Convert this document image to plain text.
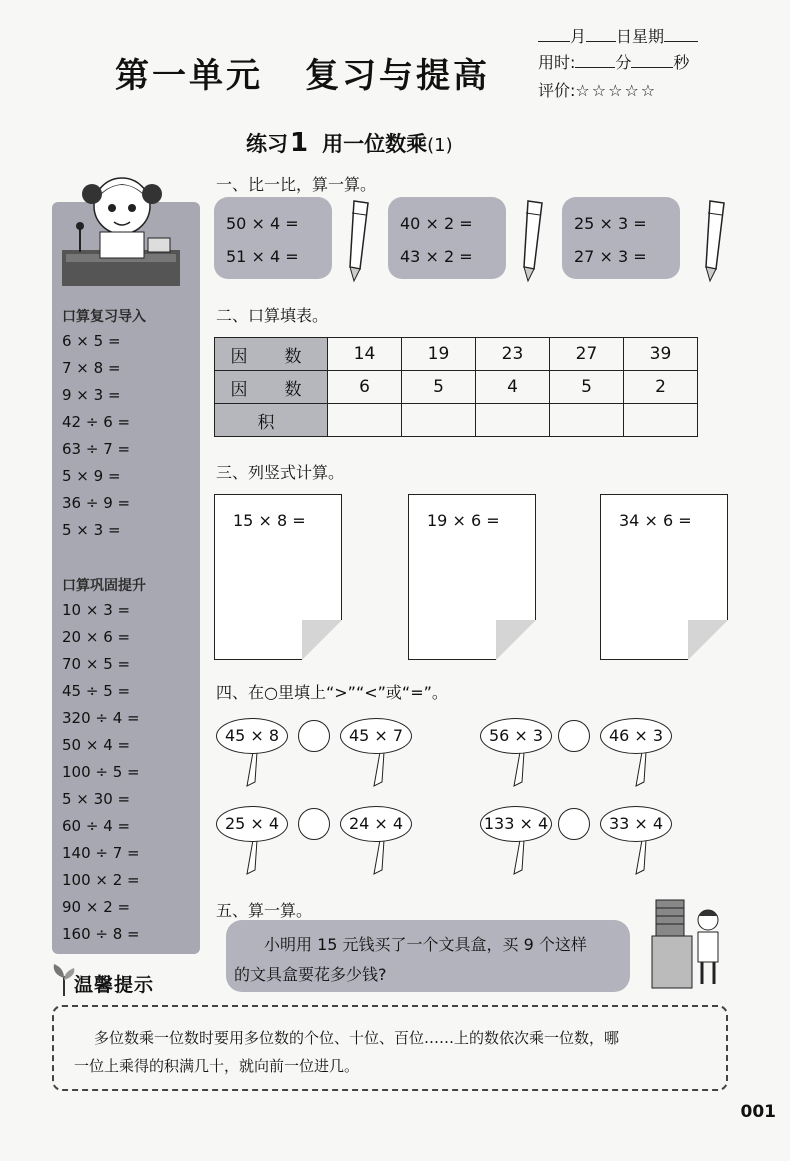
第一单元 复习与提高
月 日星期
用时:	分	秒
评价:☆☆☆☆☆
练习1 用一位数乘(1)
口算复习导入
6 × 5 =
7 × 8 =
9 × 3 =
42 ÷ 6 =
63 ÷ 7 =
5 × 9 =
36 ÷ 9 =
5 × 3 =
口算巩固提升
10 × 3 =
20 × 6 =
70 × 5 =
45 ÷ 5 =
320 ÷ 4 =
50 × 4 =
100 ÷ 5 =
5 × 30 =
60 ÷ 4 =
140 ÷ 7 =
100 × 2 =
90 × 2 =
160 ÷ 8 =
一、比一比，算一算。
50 × 4 =
51 × 4 =
40 × 2 =
43 × 2 =
25 × 3 =
27 × 3 =
二、口算填表。
因　数	14	19	23	27	39
因　数	6	5	4	5	2
积					
三、列竖式计算。
15 × 8 =	19 × 6 =	34 × 6 =
四、在○里填上“>”“<”或“=”。
45 × 8	45 × 7	56 × 3	46 × 3
25 × 4	24 × 4	133 × 4	33 × 4
五、算一算。
小明用 15 元钱买了一个文具盒，买 9 个这样
的文具盒要花多少钱?
温馨提示
多位数乘一位数时要用多位数的个位、十位、百位……上的数依次乘一位数，哪
一位上乘得的积满几十，就向前一位进几。
001
